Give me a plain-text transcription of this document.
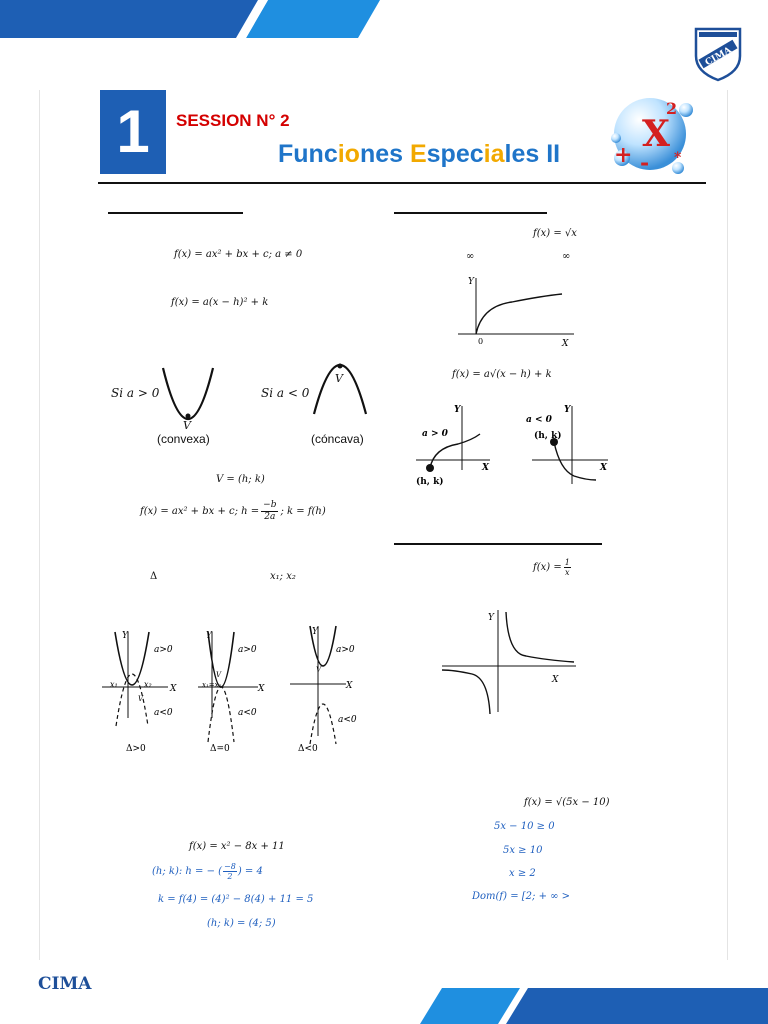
CIMA
1	SESSION N° 2
Funciones Especiales II X
2
+ - *
f(x) = ax² + bx + c; a ≠ 0
f(x) = a(x − h)² + k
Si a > 0
V
(convexa)
Si a < 0
V
(cóncava)
V = (h; k)
f(x) = ax² + bx + c; $h = \frac{-b}{2a}$ ; k = f(h)
Δ	x₁; x₂
Y
X
a>0
a<0
x₁	x₂
V
Δ>0
Y
X
a>0
a<0
x₁=x₂
V
Δ=0
Y
X
a>0
a<0
V
Δ<0
f(x) = x² − 8x + 11
(h; k): h = − ( −8
2 ) = 4
k = f(4) = (4)² − 8(4) + 11 = 5
(h; k) = (4; 5)
f(x) = √x
∞	∞
Y
X
0
f(x) = a√(x − h) + k
Y
X
a > 0
(h, k)
Y
X
a < 0
(h, k)
$f(x) = \frac{1}{x}$
Y
X
f(x) = √(5x − 10)
5x − 10 ≥ 0
5x ≥ 10
x ≥ 2
Dom(f) = [2; + ∞ >
CIMA
